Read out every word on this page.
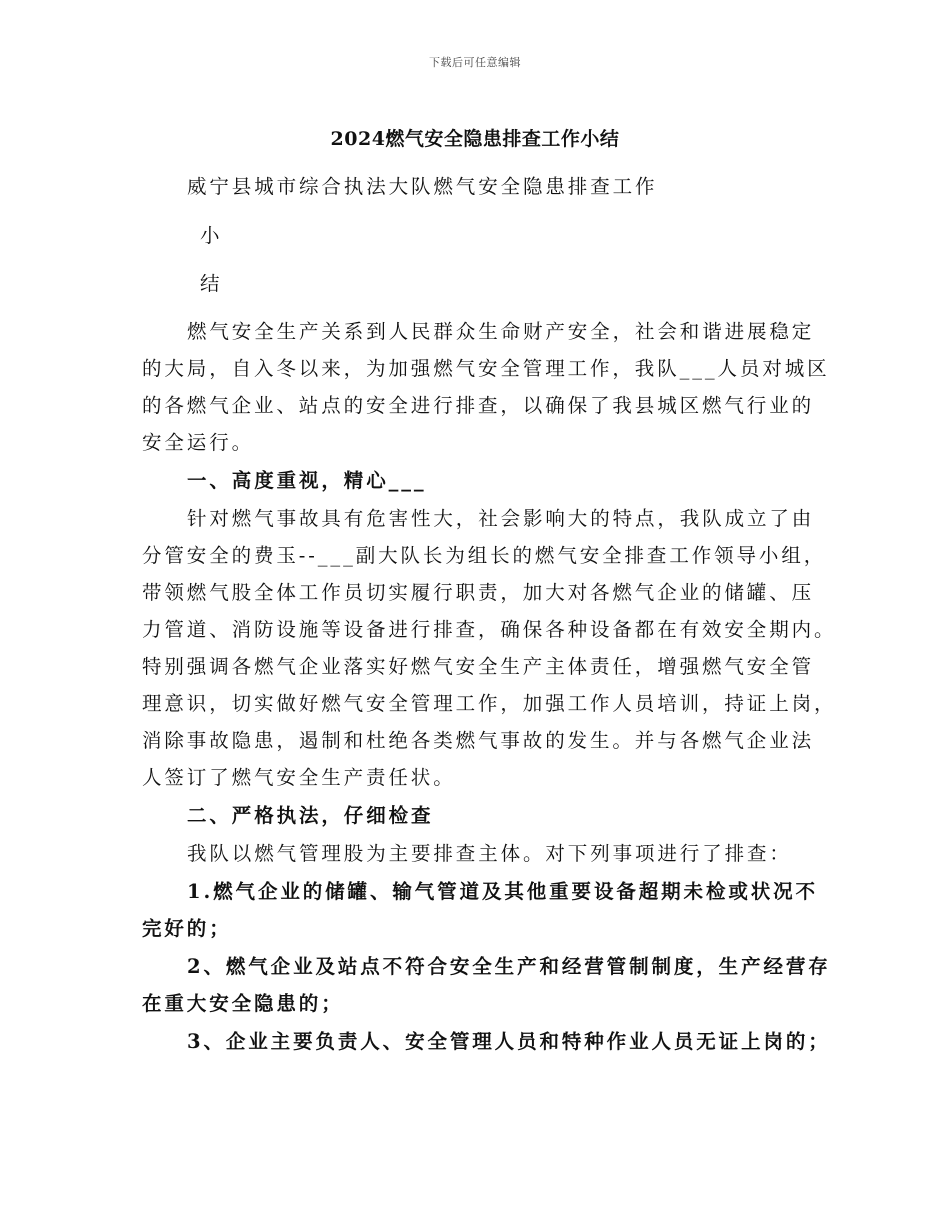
下载后可任意编辑
2024燃气安全隐患排查工作小结
威宁县城市综合执法大队燃气安全隐患排查工作
小
结
燃气安全生产关系到人民群众生命财产安全，社会和谐进展稳定
的大局，自入冬以来，为加强燃气安全管理工作，我队___人员对城区
的各燃气企业、站点的安全进行排查，以确保了我县城区燃气行业的
安全运行。
一、高度重视，精心___
针对燃气事故具有危害性大，社会影响大的特点，我队成立了由
分管安全的费玉--___副大队长为组长的燃气安全排查工作领导小组，
带领燃气股全体工作员切实履行职责，加大对各燃气企业的储罐、压
力管道、消防设施等设备进行排查，确保各种设备都在有效安全期内。
特别强调各燃气企业落实好燃气安全生产主体责任，增强燃气安全管
理意识，切实做好燃气安全管理工作，加强工作人员培训，持证上岗，
消除事故隐患，遏制和杜绝各类燃气事故的发生。并与各燃气企业法
人签订了燃气安全生产责任状。
二、严格执法，仔细检查
我队以燃气管理股为主要排查主体。对下列事项进行了排查：
1.燃气企业的储罐、输气管道及其他重要设备超期未检或状况不
完好的；
2、燃气企业及站点不符合安全生产和经营管制制度，生产经营存
在重大安全隐患的；
3、企业主要负责人、安全管理人员和特种作业人员无证上岗的；
